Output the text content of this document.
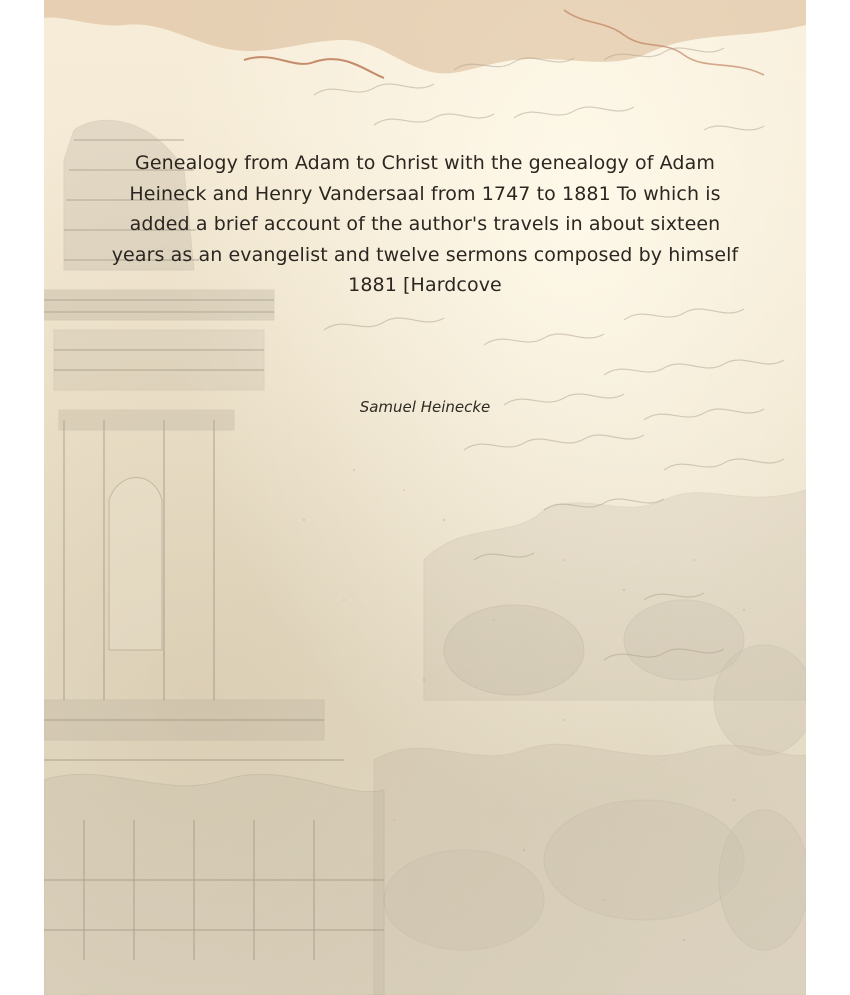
Genealogy from Adam to Christ with the genealogy of Adam Heineck and Henry Vandersaal from 1747 to 1881 To which is added a brief account of the author's travels in about sixteen years as an evangelist and twelve sermons composed by himself 1881 [Hardcove
Samuel Heinecke
